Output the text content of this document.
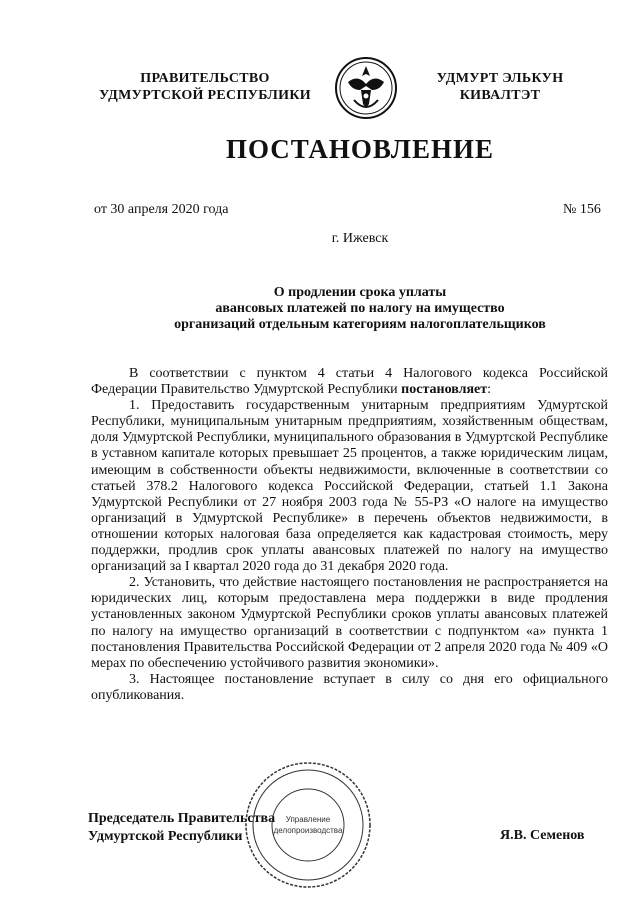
ПРАВИТЕЛЬСТВО
УДМУРТСКОЙ РЕСПУБЛИКИ
УДМУРТ ЭЛЬКУН
КИВАЛТЭТ
ПОСТАНОВЛЕНИЕ
от 30 апреля 2020 года	№ 156
г. Ижевск
О продлении срока уплаты
авансовых платежей по налогу на имущество
организаций отдельным категориям налогоплательщиков

В соответствии с пунктом 4 статьи 4 Налогового кодекса Российской Федерации Правительство Удмуртской Республики постановляет:

1. Предоставить государственным унитарным предприятиям Удмуртской Республики, муниципальным унитарным предприятиям, хозяйственным обществам, доля Удмуртской Республики, муниципального образования в Удмуртской Республике в уставном капитале которых превышает 25 процентов, а также юридическим лицам, имеющим в собственности объекты недвижимости, включенные в соответствии со статьей 378.2 Налогового кодекса Российской Федерации, статьей 1.1 Закона Удмуртской Республики от 27 ноября 2003 года № 55-РЗ «О налоге на имущество организаций в Удмуртской Республике» в перечень объектов недвижимости, в отношении которых налоговая база определяется как кадастровая стоимость, меру поддержки, продлив срок уплаты авансовых платежей по налогу на имущество организаций за I квартал 2020 года до 31 декабря 2020 года.

2. Установить, что действие настоящего постановления не распространяется на юридических лиц, которым предоставлена мера поддержки в виде продления установленных законом Удмуртской Республики сроков уплаты авансовых платежей по налогу на имущество организаций в соответствии с подпунктом «а» пункта 1 постановления Правительства Российской Федерации от 2 апреля 2020 года № 409 «О мерах по обеспечению устойчивого развития экономики».

3. Настоящее постановление вступает в силу со дня его официального опубликования.

Председатель Правительства
Удмуртской Республики	Я.В. Семенов
Управление
делопроизводства
